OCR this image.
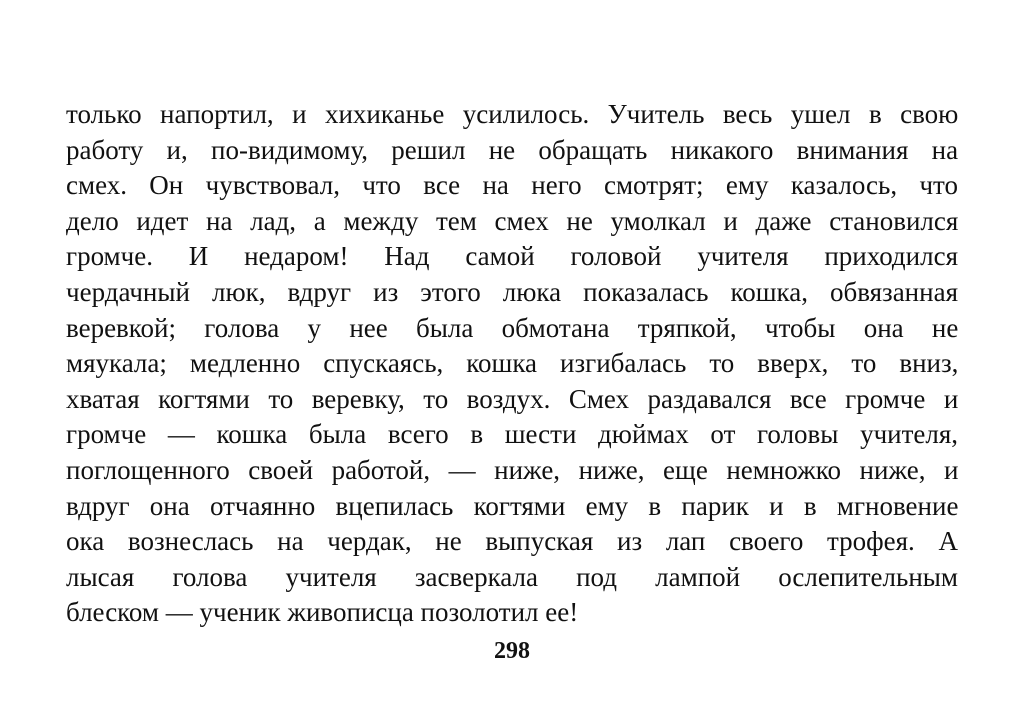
только напортил, и хихиканье усилилось. Учитель весь ушел в свою
работу и, по-видимому, решил не обращать никакого внимания на
смех. Он чувствовал, что все на него смотрят; ему казалось, что
дело идет на лад, а между тем смех не умолкал и даже становился
громче. И недаром! Над самой головой учителя приходился
чердачный люк, вдруг из этого люка показалась кошка, обвязанная
веревкой; голова у нее была обмотана тряпкой, чтобы она не
мяукала; медленно спускаясь, кошка изгибалась то вверх, то вниз,
хватая когтями то веревку, то воздух. Смех раздавался все громче и
громче — кошка была всего в шести дюймах от головы учителя,
поглощенного своей работой, — ниже, ниже, еще немножко ниже, и
вдруг она отчаянно вцепилась когтями ему в парик и в мгновение
ока вознеслась на чердак, не выпуская из лап своего трофея. А
лысая голова учителя засверкала под лампой ослепительным
блеском — ученик живописца позолотил ее!
298
